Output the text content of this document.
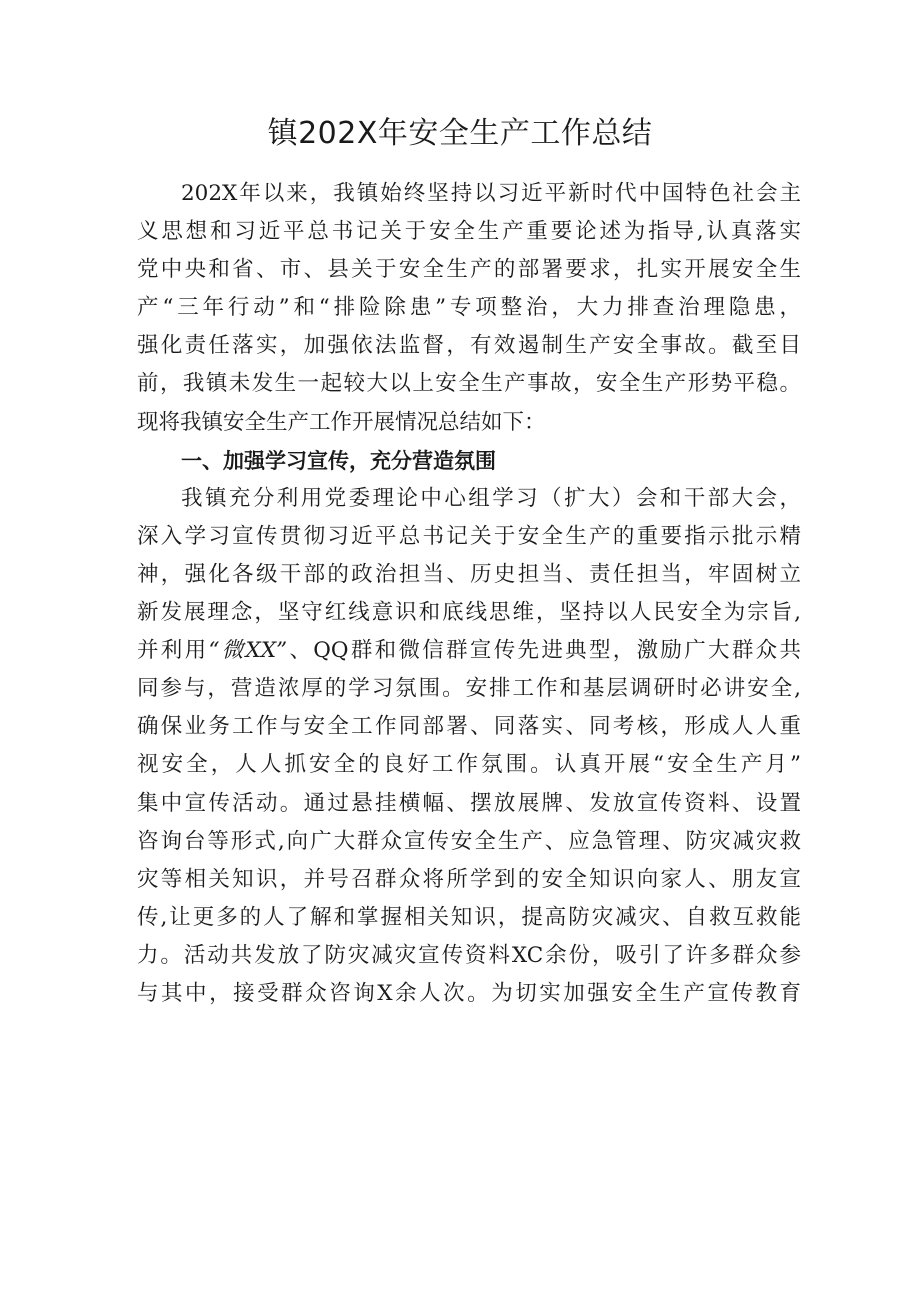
镇202X年安全生产工作总结
202X年以来，我镇始终坚持以习近平新时代中国特色社会主
义思想和习近平总书记关于安全生产重要论述为指导,认真落实
党中央和省、市、县关于安全生产的部署要求，扎实开展安全生
产“三年行动”和“排险除患”专项整治，大力排查治理隐患，
强化责任落实，加强依法监督，有效遏制生产安全事故。截至目
前，我镇未发生一起较大以上安全生产事故，安全生产形势平稳。
现将我镇安全生产工作开展情况总结如下：
一、加强学习宣传，充分营造氛围
我镇充分利用党委理论中心组学习（扩大）会和干部大会，
深入学习宣传贯彻习近平总书记关于安全生产的重要指示批示精
神，强化各级干部的政治担当、历史担当、责任担当，牢固树立
新发展理念，坚守红线意识和底线思维，坚持以人民安全为宗旨,
并利用“微XX”、QQ群和微信群宣传先进典型，激励广大群众共
同参与，营造浓厚的学习氛围。安排工作和基层调研时必讲安全,
确保业务工作与安全工作同部署、同落实、同考核，形成人人重
视安全，人人抓安全的良好工作氛围。认真开展“安全生产月”
集中宣传活动。通过悬挂横幅、摆放展牌、发放宣传资料、设置
咨询台等形式,向广大群众宣传安全生产、应急管理、防灾减灾救
灾等相关知识，并号召群众将所学到的安全知识向家人、朋友宣
传,让更多的人了解和掌握相关知识，提高防灾减灾、自救互救能
力。活动共发放了防灾减灾宣传资料XC余份，吸引了许多群众参
与其中，接受群众咨询X余人次。为切实加强安全生产宣传教育
